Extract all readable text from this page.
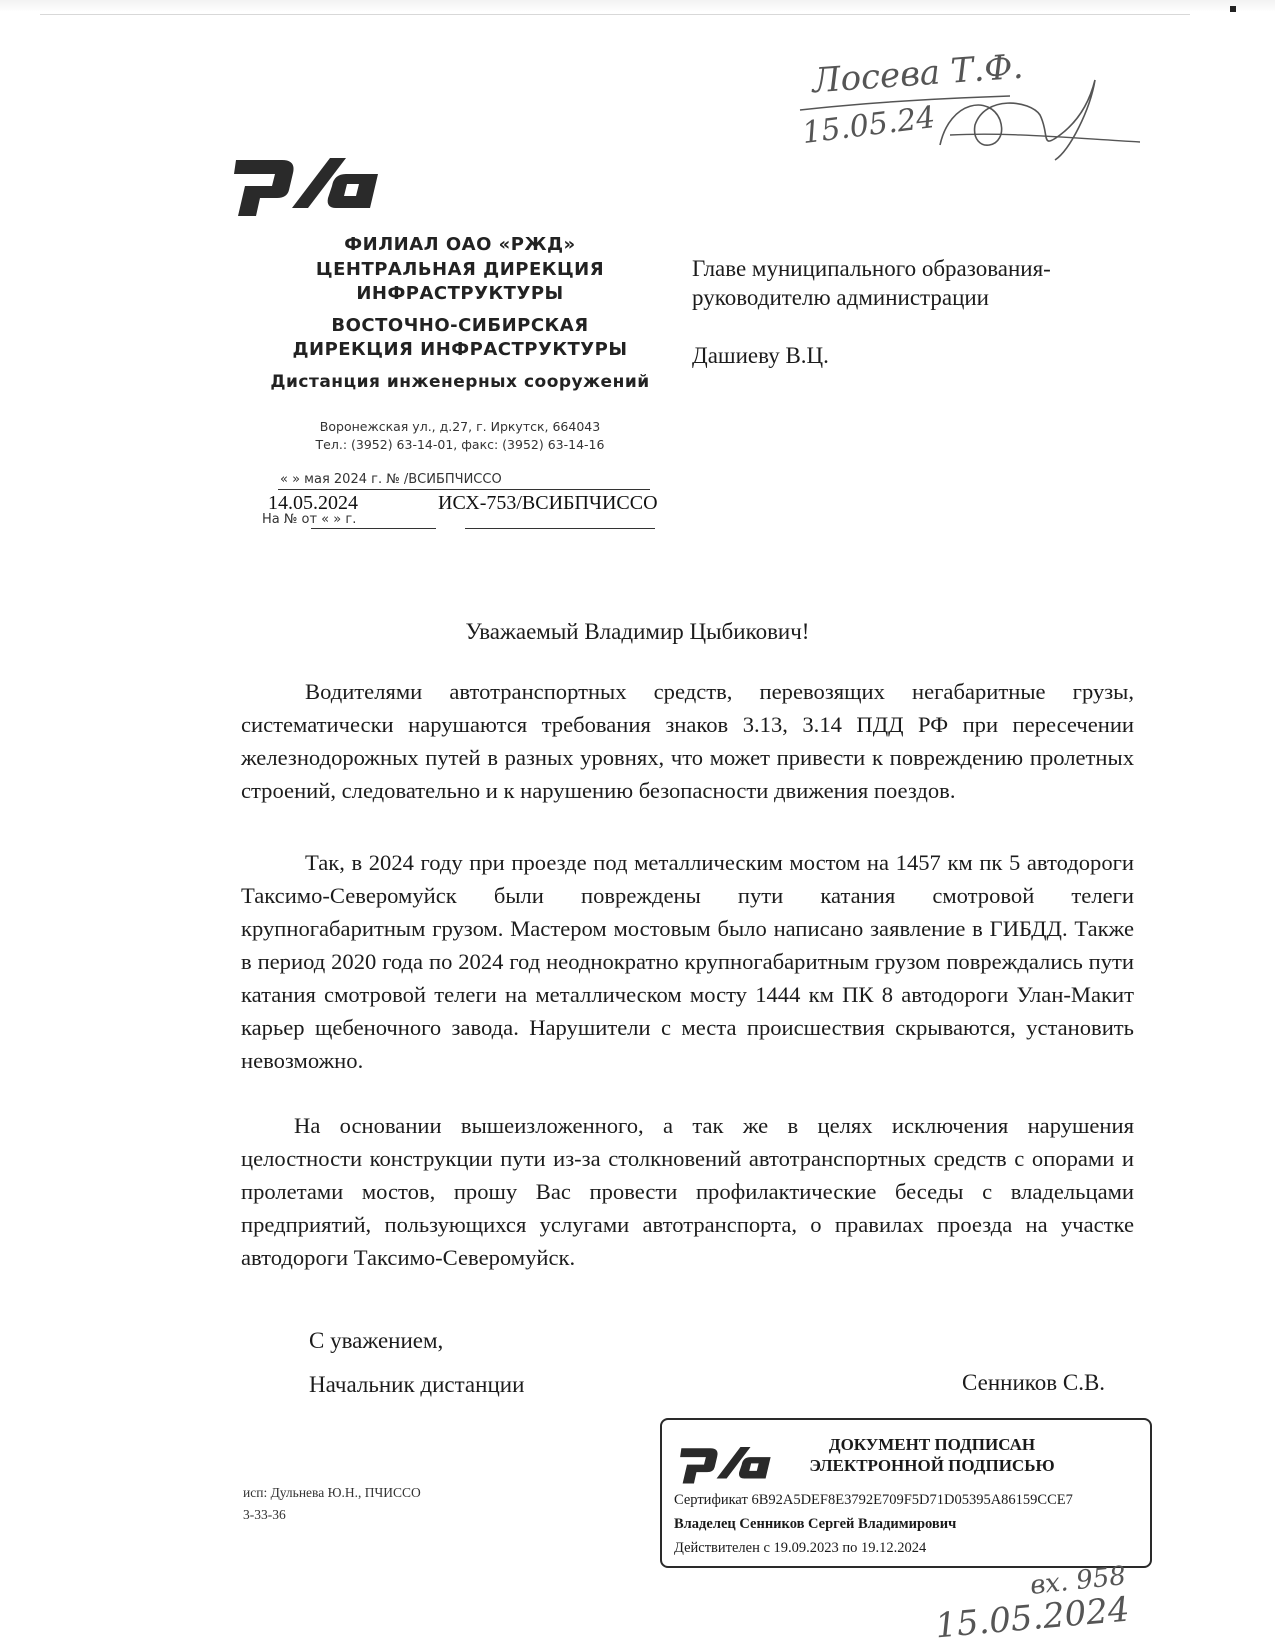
Лосева Т.Ф.
15.05.24
ФИЛИАЛ ОАО «РЖД»
ЦЕНТРАЛЬНАЯ ДИРЕКЦИЯ
ИНФРАСТРУКТУРЫ
ВОСТОЧНО-СИБИРСКАЯ
ДИРЕКЦИЯ ИНФРАСТРУКТУРЫ
Дистанция инженерных сооружений
Воронежская ул., д.27, г. Иркутск, 664043
Тел.: (3952) 63-14-01, факс: (3952) 63-14-16
« » мая 2024 г. № /ВСИБПЧИССО
14.05.2024	ИСХ-753/ВСИБПЧИССО
На № от « » г.
Главе муниципального образования-
руководителю администрации
Дашиеву В.Ц.
Уважаемый Владимир Цыбикович!
Водителями автотранспортных средств, перевозящих негабаритные грузы, систематически нарушаются требования знаков 3.13, 3.14 ПДД РФ при пересечении железнодорожных путей в разных уровнях, что может привести к повреждению пролетных строений, следовательно и к нарушению безопасности движения поездов.
Так, в 2024 году при проезде под металлическим мостом на 1457 км пк 5 автодороги Таксимо-Северомуйск были повреждены пути катания смотровой телеги крупногабаритным грузом. Мастером мостовым было написано заявление в ГИБДД. Также в период 2020 года по 2024 год неоднократно крупногабаритным грузом повреждались пути катания смотровой телеги на металлическом мосту 1444 км ПК 8 автодороги Улан-Макит карьер щебеночного завода. Нарушители с места происшествия скрываются, установить невозможно.
На основании вышеизложенного, а так же в целях исключения нарушения целостности конструкции пути из-за столкновений автотранспортных средств с опорами и пролетами мостов, прошу Вас провести профилактические беседы с владельцами предприятий, пользующихся услугами автотранспорта, о правилах проезда на участке автодороги Таксимо-Северомуйск.
С уважением,
Начальник дистанции	Сенников С.В.
исп: Дульнева Ю.Н., ПЧИССО
3-33-36
ДОКУМЕНТ ПОДПИСАН
ЭЛЕКТРОННОЙ ПОДПИСЬЮ
Сертификат 6B92A5DEF8E3792E709F5D71D05395A86159CCE7
Владелец Сенников Сергей Владимирович
Действителен с 19.09.2023 по 19.12.2024
вх. 958
15.05.2024
